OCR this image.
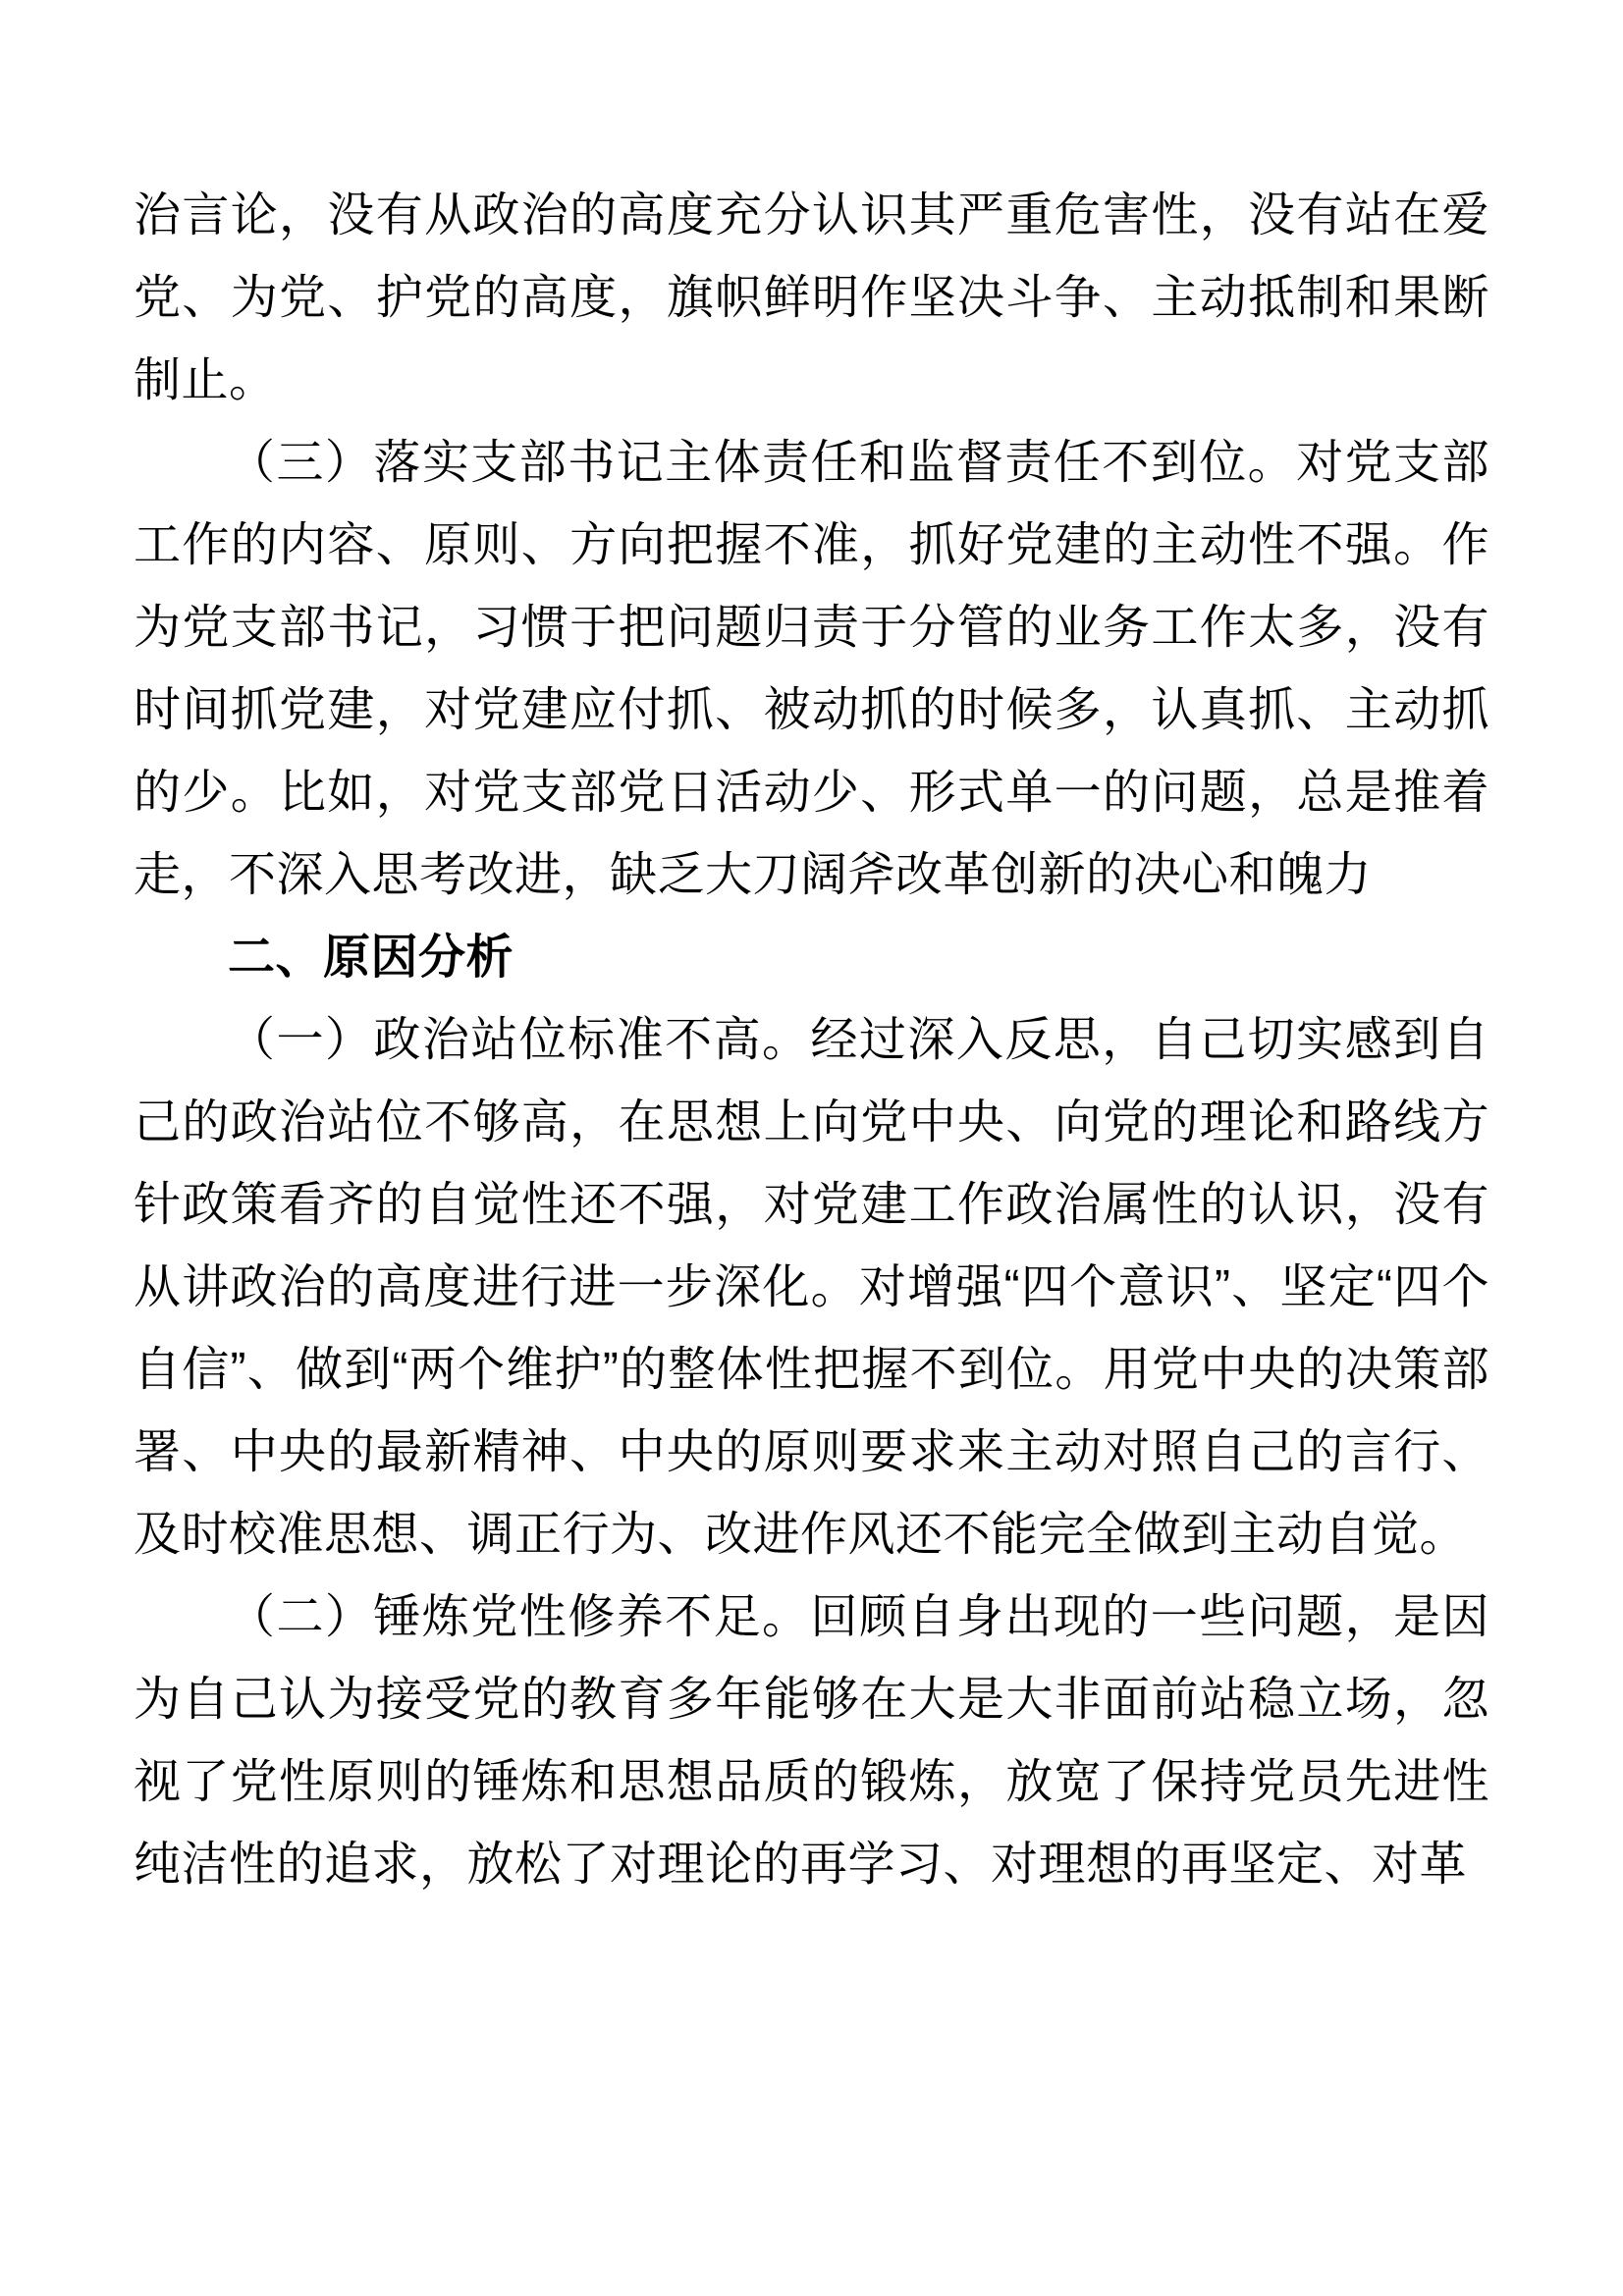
治言论，没有从政治的高度充分认识其严重危害性，没有站在爱党、为党、护党的高度，旗帜鲜明作坚决斗争、主动抵制和果断制止。

（三）落实支部书记主体责任和监督责任不到位。对党支部工作的内容、原则、方向把握不准，抓好党建的主动性不强。作为党支部书记，习惯于把问题归责于分管的业务工作太多，没有时间抓党建，对党建应付抓、被动抓的时候多，认真抓、主动抓的少。比如，对党支部党日活动少、形式单一的问题，总是推着走，不深入思考改进，缺乏大刀阔斧改革创新的决心和魄力

二、原因分析

（一）政治站位标准不高。经过深入反思，自己切实感到自己的政治站位不够高，在思想上向党中央、向党的理论和路线方针政策看齐的自觉性还不强，对党建工作政治属性的认识，没有从讲政治的高度进行进一步深化。对增强“四个意识”、坚定“四个自信”、做到“两个维护”的整体性把握不到位。用党中央的决策部署、中央的最新精神、中央的原则要求来主动对照自己的言行、及时校准思想、调正行为、改进作风还不能完全做到主动自觉。

（二）锤炼党性修养不足。回顾自身出现的一些问题，是因为自己认为接受党的教育多年能够在大是大非面前站稳立场，忽视了党性原则的锤炼和思想品质的锻炼，放宽了保持党员先进性纯洁性的追求，放松了对理论的再学习、对理想的再坚定、对革
